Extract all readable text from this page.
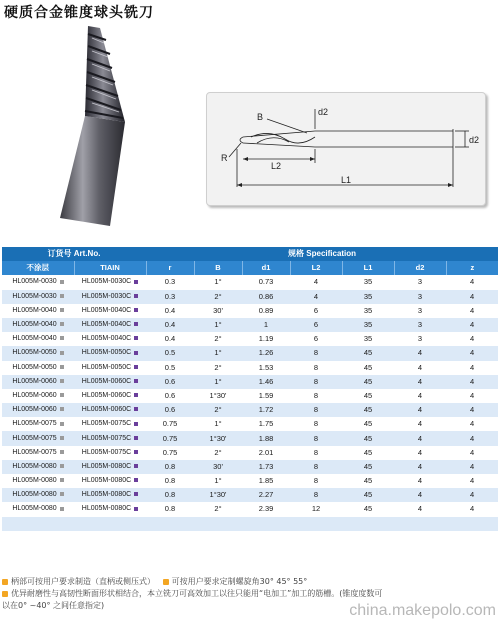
硬质合金锥度球头铣刀
B	d2
R
L2
L1
d2
订货号 Art.No.		规格 Specification						
不涂层	TIAIN	r	B	d1	L2	L1	d2	z
HL005M-0030	HL005M-0030C	0.3	1°	0.73	4	35	3	4
HL005M-0030	HL005M-0030C	0.3	2°	0.86	4	35	3	4
HL005M-0040	HL005M-0040C	0.4	30'	0.89	6	35	3	4
HL005M-0040	HL005M-0040C	0.4	1°	1	6	35	3	4
HL005M-0040	HL005M-0040C	0.4	2°	1.19	6	35	3	4
HL005M-0050	HL005M-0050C	0.5	1°	1.26	8	45	4	4
HL005M-0050	HL005M-0050C	0.5	2°	1.53	8	45	4	4
HL005M-0060	HL005M-0060C	0.6	1°	1.46	8	45	4	4
HL005M-0060	HL005M-0060C	0.6	1°30'	1.59	8	45	4	4
HL005M-0060	HL005M-0060C	0.6	2°	1.72	8	45	4	4
HL005M-0075	HL005M-0075C	0.75	1°	1.75	8	45	4	4
HL005M-0075	HL005M-0075C	0.75	1°30'	1.88	8	45	4	4
HL005M-0075	HL005M-0075C	0.75	2°	2.01	8	45	4	4
HL005M-0080	HL005M-0080C	0.8	30'	1.73	8	45	4	4
HL005M-0080	HL005M-0080C	0.8	1°	1.85	8	45	4	4
HL005M-0080	HL005M-0080C	0.8	1°30'	2.27	8	45	4	4
HL005M-0080	HL005M-0080C	0.8	2°	2.39	12	45	4	4

柄部可按用户要求制造（直柄或侧压式） 可按用户要求定制螺旋角30° 45° 55°
优异耐磨性与高韧性断面形状相结合，本立铣刀可高效加工以往只能用“电加工”加工的筋槽。(锥度度数可
以在0° ~40° 之间任意指定)	china.makepolo.com
